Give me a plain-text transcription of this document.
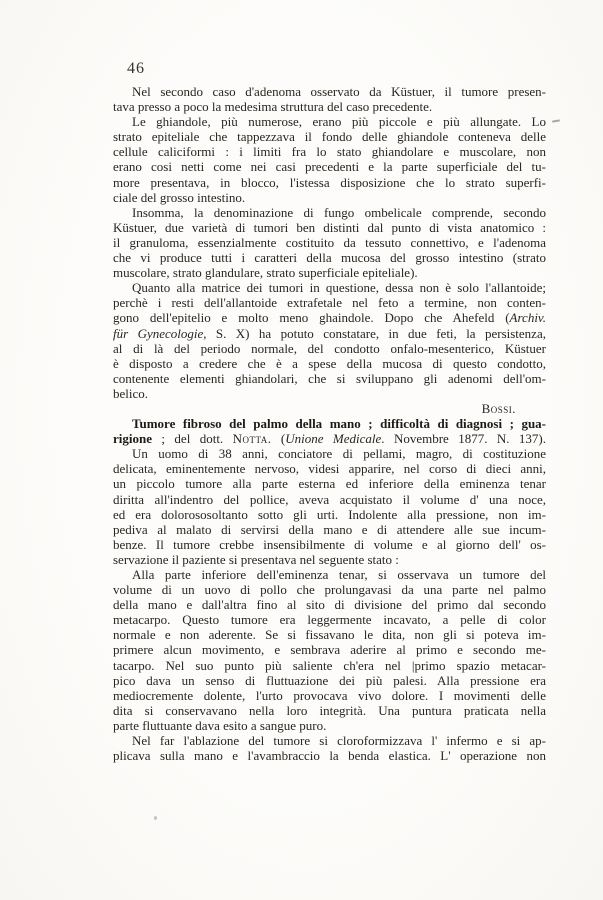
46
Nel secondo caso d'adenoma osservato da Küstuer, il tumore presen-
tava presso a poco la medesima struttura del caso precedente.
Le ghiandole, più numerose, erano più piccole e più allungate. Lo
strato epiteliale che tappezzava il fondo delle ghiandole conteneva delle
cellule caliciformi : i limiti fra lo stato ghiandolare e muscolare, non
erano cosi netti come nei casi precedenti e la parte superficiale del tu-
more presentava, in blocco, l'istessa disposizione che lo strato superfi-
ciale del grosso intestino.
Insomma, la denominazione di fungo ombelicale comprende, secondo
Küstuer, due varietà di tumori ben distinti dal punto di vista anatomico :
il granuloma, essenzialmente costituito da tessuto connettivo, e l'adenoma
che vi produce tutti i caratteri della mucosa del grosso intestino (strato
muscolare, strato glandulare, strato superficiale epiteliale).
Quanto alla matrice dei tumori in questione, dessa non è solo l'allantoide;
perchè i resti dell'allantoide extrafetale nel feto a termine, non conten-
gono dell'epitelio e molto meno ghaindole. Dopo che Ahefeld (Archiv.
für Gynecologie, S. X) ha potuto constatare, in due feti, la persistenza,
al di là del periodo normale, del condotto onfalo-mesenterico, Küstuer
è disposto a credere che è a spese della mucosa di questo condotto,
contenente elementi ghiandolari, che si sviluppano gli adenomi dell'om-
belico.
Bossi.
Tumore fibroso del palmo della mano ; difficoltà di diagnosi ; gua-
rigione ; del dott. Notta. (Unione Medicale. Novembre 1877. N. 137).
Un uomo di 38 anni, conciatore di pellami, magro, di costituzione
delicata, eminentemente nervoso, videsi apparire, nel corso di dieci anni,
un piccolo tumore alla parte esterna ed inferiore della eminenza tenar
diritta all'indentro del pollice, aveva acquistato il volume d' una noce,
ed era dolorososoltanto sotto gli urti. Indolente alla pressione, non im-
pediva al malato di servirsi della mano e di attendere alle sue incum-
benze. Il tumore crebbe insensibilmente di volume e al giorno dell' os-
servazione il paziente si presentava nel seguente stato :
Alla parte inferiore dell'eminenza tenar, si osservava un tumore del
volume di un uovo di pollo che prolungavasi da una parte nel palmo
della mano e dall'altra fino al sito di divisione del primo dal secondo
metacarpo. Questo tumore era leggermente incavato, a pelle di color
normale e non aderente. Se si fissavano le dita, non gli si poteva im-
primere alcun movimento, e sembrava aderire al primo e secondo me-
tacarpo. Nel suo punto più saliente ch'era nel |primo spazio metacar-
pico dava un senso di fluttuazione dei più palesi. Alla pressione era
mediocremente dolente, l'urto provocava vivo dolore. I movimenti delle
dita si conservavano nella loro integrità. Una puntura praticata nella
parte fluttuante dava esito a sangue puro.
Nel far l'ablazione del tumore si cloroformizzava l' infermo e si ap-
plicava sulla mano e l'avambraccio la benda elastica. L' operazione non
